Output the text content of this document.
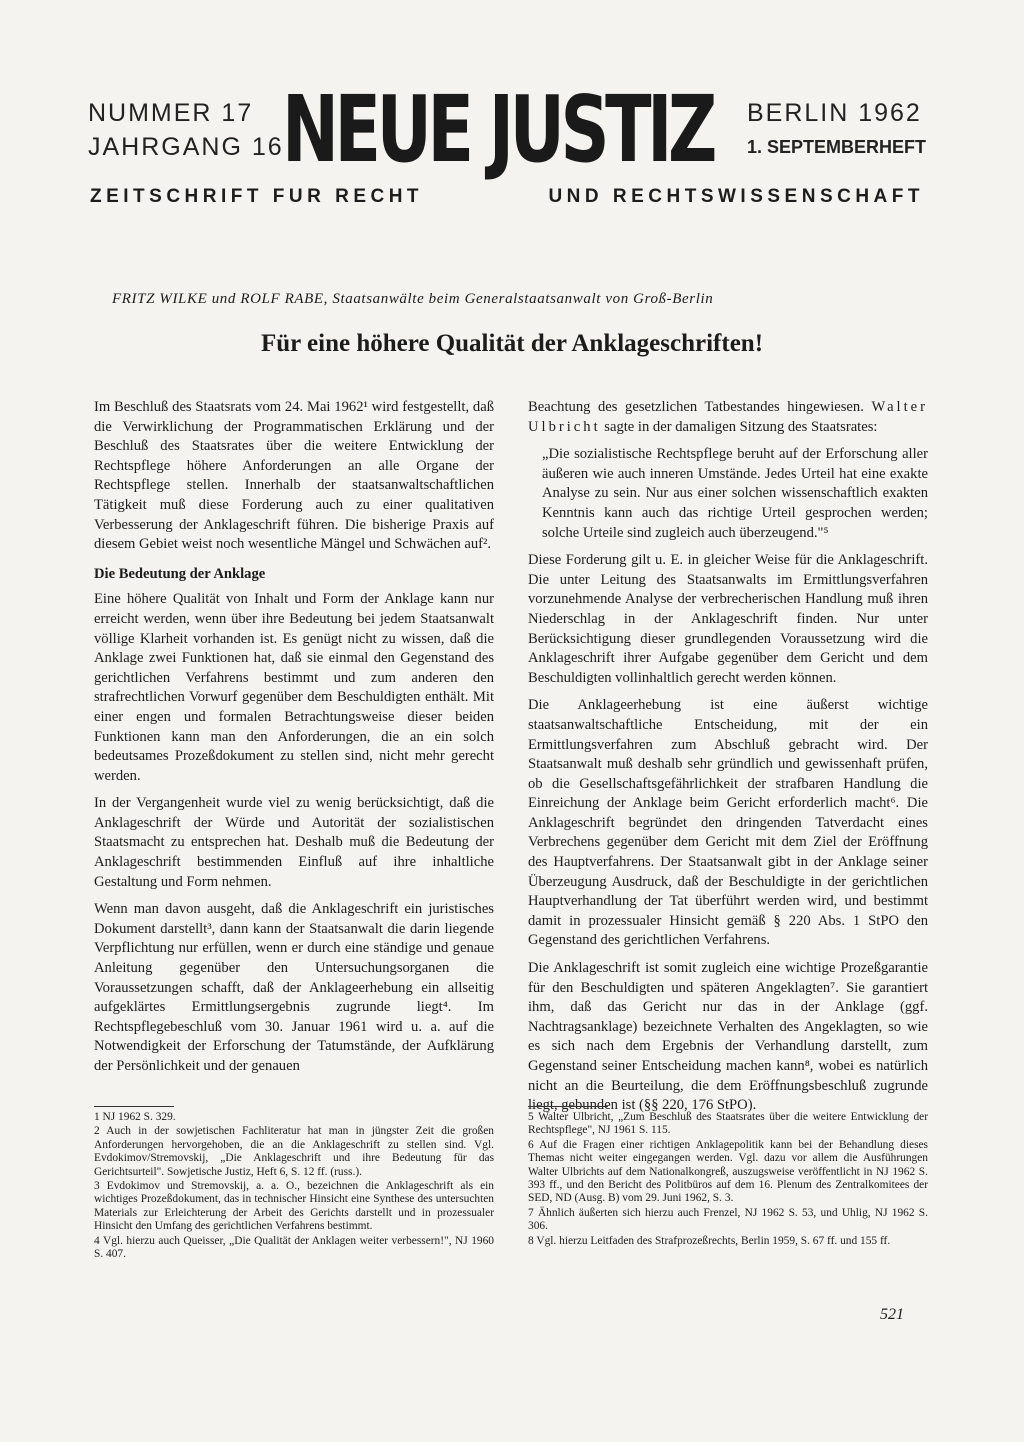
NUMMER 17
JAHRGANG 16
NEUE JUSTIZ BERLIN 1962
1. SEPTEMBERHEFT
ZEITSCHRIFT FUR RECHT	UND RECHTSWISSENSCHAFT
FRITZ WILKE und ROLF RABE, Staatsanwälte beim Generalstaatsanwalt von Groß-Berlin
Für eine höhere Qualität der Anklageschriften!

Im Beschluß des Staatsrats vom 24. Mai 1962¹ wird festgestellt, daß die Verwirklichung der Programmatischen Erklärung und der Beschluß des Staatsrates über die weitere Entwicklung der Rechtspflege höhere Anforderungen an alle Organe der Rechtspflege stellen. Innerhalb der staatsanwaltschaftlichen Tätigkeit muß diese Forderung auch zu einer qualitativen Verbesserung der Anklageschrift führen. Die bisherige Praxis auf diesem Gebiet weist noch wesentliche Mängel und Schwächen auf².

Die Bedeutung der Anklage

Eine höhere Qualität von Inhalt und Form der Anklage kann nur erreicht werden, wenn über ihre Bedeutung bei jedem Staatsanwalt völlige Klarheit vorhanden ist. Es genügt nicht zu wissen, daß die Anklage zwei Funktionen hat, daß sie einmal den Gegenstand des gerichtlichen Verfahrens bestimmt und zum anderen den strafrechtlichen Vorwurf gegenüber dem Beschuldigten enthält. Mit einer engen und formalen Betrachtungsweise dieser beiden Funktionen kann man den Anforderungen, die an ein solch bedeutsames Prozeßdokument zu stellen sind, nicht mehr gerecht werden.

In der Vergangenheit wurde viel zu wenig berücksichtigt, daß die Anklageschrift der Würde und Autorität der sozialistischen Staatsmacht zu entsprechen hat. Deshalb muß die Bedeutung der Anklageschrift bestimmenden Einfluß auf ihre inhaltliche Gestaltung und Form nehmen.

Wenn man davon ausgeht, daß die Anklageschrift ein juristisches Dokument darstellt³, dann kann der Staatsanwalt die darin liegende Verpflichtung nur erfüllen, wenn er durch eine ständige und genaue Anleitung gegenüber den Untersuchungsorganen die Voraussetzungen schafft, daß der Anklageerhebung ein allseitig aufgeklärtes Ermittlungsergebnis zugrunde liegt⁴. Im Rechtspflegebeschluß vom 30. Januar 1961 wird u. a. auf die Notwendigkeit der Erforschung der Tatumstände, der Aufklärung der Persönlichkeit und der genauen

Beachtung des gesetzlichen Tatbestandes hingewiesen. Walter Ulbricht sagte in der damaligen Sitzung des Staatsrates:

„Die sozialistische Rechtspflege beruht auf der Erforschung aller äußeren wie auch inneren Umstände. Jedes Urteil hat eine exakte Analyse zu sein. Nur aus einer solchen wissenschaftlich exakten Kenntnis kann auch das richtige Urteil gesprochen werden; solche Urteile sind zugleich auch überzeugend."⁵

Diese Forderung gilt u. E. in gleicher Weise für die Anklageschrift. Die unter Leitung des Staatsanwalts im Ermittlungsverfahren vorzunehmende Analyse der verbrecherischen Handlung muß ihren Niederschlag in der Anklageschrift finden. Nur unter Berücksichtigung dieser grundlegenden Voraussetzung wird die Anklageschrift ihrer Aufgabe gegenüber dem Gericht und dem Beschuldigten vollinhaltlich gerecht werden können.

Die Anklageerhebung ist eine äußerst wichtige staatsanwaltschaftliche Entscheidung, mit der ein Ermittlungsverfahren zum Abschluß gebracht wird. Der Staatsanwalt muß deshalb sehr gründlich und gewissenhaft prüfen, ob die Gesellschaftsgefährlichkeit der strafbaren Handlung die Einreichung der Anklage beim Gericht erforderlich macht⁶. Die Anklageschrift begründet den dringenden Tatverdacht eines Verbrechens gegenüber dem Gericht mit dem Ziel der Eröffnung des Hauptverfahrens. Der Staatsanwalt gibt in der Anklage seiner Überzeugung Ausdruck, daß der Beschuldigte in der gerichtlichen Hauptverhandlung der Tat überführt werden wird, und bestimmt damit in prozessualer Hinsicht gemäß § 220 Abs. 1 StPO den Gegenstand des gerichtlichen Verfahrens.

Die Anklageschrift ist somit zugleich eine wichtige Prozeßgarantie für den Beschuldigten und späteren Angeklagten⁷. Sie garantiert ihm, daß das Gericht nur das in der Anklage (ggf. Nachtragsanklage) bezeichnete Verhalten des Angeklagten, so wie es sich nach dem Ergebnis der Verhandlung darstellt, zum Gegenstand seiner Entscheidung machen kann⁸, wobei es natürlich nicht an die Beurteilung, die dem Eröffnungsbeschluß zugrunde liegt, gebunden ist (§§ 220, 176 StPO).

1 NJ 1962 S. 329.
2 Auch in der sowjetischen Fachliteratur hat man in jüngster Zeit die großen Anforderungen hervorgehoben, die an die Anklageschrift zu stellen sind. Vgl. Evdokimov/Stremovskij, „Die Anklageschrift und ihre Bedeutung für das Gerichtsurteil". Sowjetische Justiz, Heft 6, S. 12 ff. (russ.).
3 Evdokimov und Stremovskij, a. a. O., bezeichnen die Anklageschrift als ein wichtiges Prozeßdokument, das in technischer Hinsicht eine Synthese des untersuchten Materials zur Erleichterung der Arbeit des Gerichts darstellt und in prozessualer Hinsicht den Umfang des gerichtlichen Verfahrens bestimmt.
4 Vgl. hierzu auch Queisser, „Die Qualität der Anklagen weiter verbessern!", NJ 1960 S. 407.
5 Walter Ulbricht, „Zum Beschluß des Staatsrates über die weitere Entwicklung der Rechtspflege", NJ 1961 S. 115.
6 Auf die Fragen einer richtigen Anklagepolitik kann bei der Behandlung dieses Themas nicht weiter eingegangen werden. Vgl. dazu vor allem die Ausführungen Walter Ulbrichts auf dem Nationalkongreß, auszugsweise veröffentlicht in NJ 1962 S. 393 ff., und den Bericht des Politbüros auf dem 16. Plenum des Zentralkomitees der SED, ND (Ausg. B) vom 29. Juni 1962, S. 3.
7 Ähnlich äußerten sich hierzu auch Frenzel, NJ 1962 S. 53, und Uhlig, NJ 1962 S. 306.
8 Vgl. hierzu Leitfaden des Strafprozeßrechts, Berlin 1959, S. 67 ff. und 155 ff.
521
